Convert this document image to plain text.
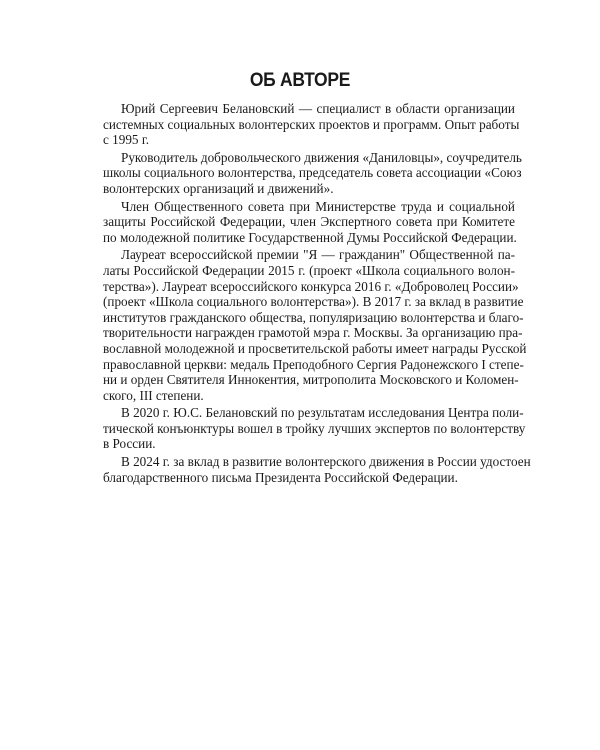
ОБ АВТОРЕ

Юрий Сергеевич Белановский — специалист в области организации
системных социальных волонтерских проектов и программ. Опыт работы
с 1995 г.

Руководитель добровольческого движения «Даниловцы», соучредитель
школы социального волонтерства, председатель совета ассоциации «Союз
волонтерских организаций и движений».

Член Общественного совета при Министерстве труда и социальной
защиты Российской Федерации, член Экспертного совета при Комитете
по молодежной политике Государственной Думы Российской Федерации.

Лауреат всероссийской премии "Я — гражданин" Общественной па-
латы Российской Федерации 2015 г. (проект «Школа социального волон-
терства»). Лауреат всероссийского конкурса 2016 г. «Доброволец России»
(проект «Школа социального волонтерства»). В 2017 г. за вклад в развитие
институтов гражданского общества, популяризацию волонтерства и благо-
творительности награжден грамотой мэра г. Москвы. За организацию пра-
вославной молодежной и просветительской работы имеет награды Русской
православной церкви: медаль Преподобного Сергия Радонежского I степе-
ни и орден Святителя Иннокентия, митрополита Московского и Коломен-
ского, III степени.

В 2020 г. Ю.С. Белановский по результатам исследования Центра поли-
тической конъюнктуры вошел в тройку лучших экспертов по волонтерству
в России.

В 2024 г. за вклад в развитие волонтерского движения в России удостоен
благодарственного письма Президента Российской Федерации.
